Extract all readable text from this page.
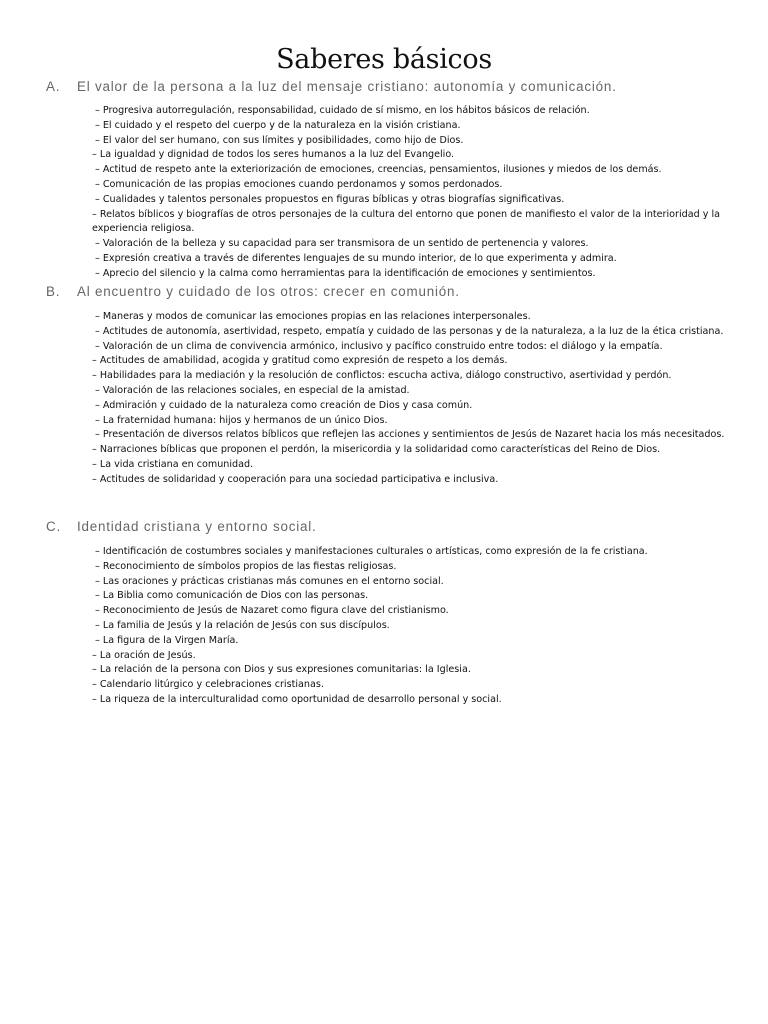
Saberes básicos
A. El valor de la persona a la luz del mensaje cristiano: autonomía y comunicación.
– Progresiva autorregulación, responsabilidad, cuidado de sí mismo, en los hábitos básicos de relación.
– El cuidado y el respeto del cuerpo y de la naturaleza en la visión cristiana.
– El valor del ser humano, con sus límites y posibilidades, como hijo de Dios.
– La igualdad y dignidad de todos los seres humanos a la luz del Evangelio.
– Actitud de respeto ante la exteriorización de emociones, creencias, pensamientos, ilusiones y miedos de los demás.
– Comunicación de las propias emociones cuando perdonamos y somos perdonados.
– Cualidades y talentos personales propuestos en figuras bíblicas y otras biografías significativas.
– Relatos bíblicos y biografías de otros personajes de la cultura del entorno que ponen de manifiesto el valor de la interioridad y la experiencia religiosa.
– Valoración de la belleza y su capacidad para ser transmisora de un sentido de pertenencia y valores.
– Expresión creativa a través de diferentes lenguajes de su mundo interior, de lo que experimenta y admira.
– Aprecio del silencio y la calma como herramientas para la identificación de emociones y sentimientos.
B. Al encuentro y cuidado de los otros: crecer en comunión.
– Maneras y modos de comunicar las emociones propias en las relaciones interpersonales.
– Actitudes de autonomía, asertividad, respeto, empatía y cuidado de las personas y de la naturaleza, a la luz de la ética cristiana.
– Valoración de un clima de convivencia armónico, inclusivo y pacífico construido entre todos: el diálogo y la empatía.
– Actitudes de amabilidad, acogida y gratitud como expresión de respeto a los demás.
– Habilidades para la mediación y la resolución de conflictos: escucha activa, diálogo constructivo, asertividad y perdón.
– Valoración de las relaciones sociales, en especial de la amistad.
– Admiración y cuidado de la naturaleza como creación de Dios y casa común.
– La fraternidad humana: hijos y hermanos de un único Dios.
– Presentación de diversos relatos bíblicos que reflejen las acciones y sentimientos de Jesús de Nazaret hacia los más necesitados.
– Narraciones bíblicas que proponen el perdón, la misericordia y la solidaridad como características del Reino de Dios.
– La vida cristiana en comunidad.
– Actitudes de solidaridad y cooperación para una sociedad participativa e inclusiva.
C. Identidad cristiana y entorno social.
– Identificación de costumbres sociales y manifestaciones culturales o artísticas, como expresión de la fe cristiana.
– Reconocimiento de símbolos propios de las fiestas religiosas.
– Las oraciones y prácticas cristianas más comunes en el entorno social.
– La Biblia como comunicación de Dios con las personas.
– Reconocimiento de Jesús de Nazaret como figura clave del cristianismo.
– La familia de Jesús y la relación de Jesús con sus discípulos.
– La figura de la Virgen María.
– La oración de Jesús.
– La relación de la persona con Dios y sus expresiones comunitarias: la Iglesia.
– Calendario litúrgico y celebraciones cristianas.
– La riqueza de la interculturalidad como oportunidad de desarrollo personal y social.
